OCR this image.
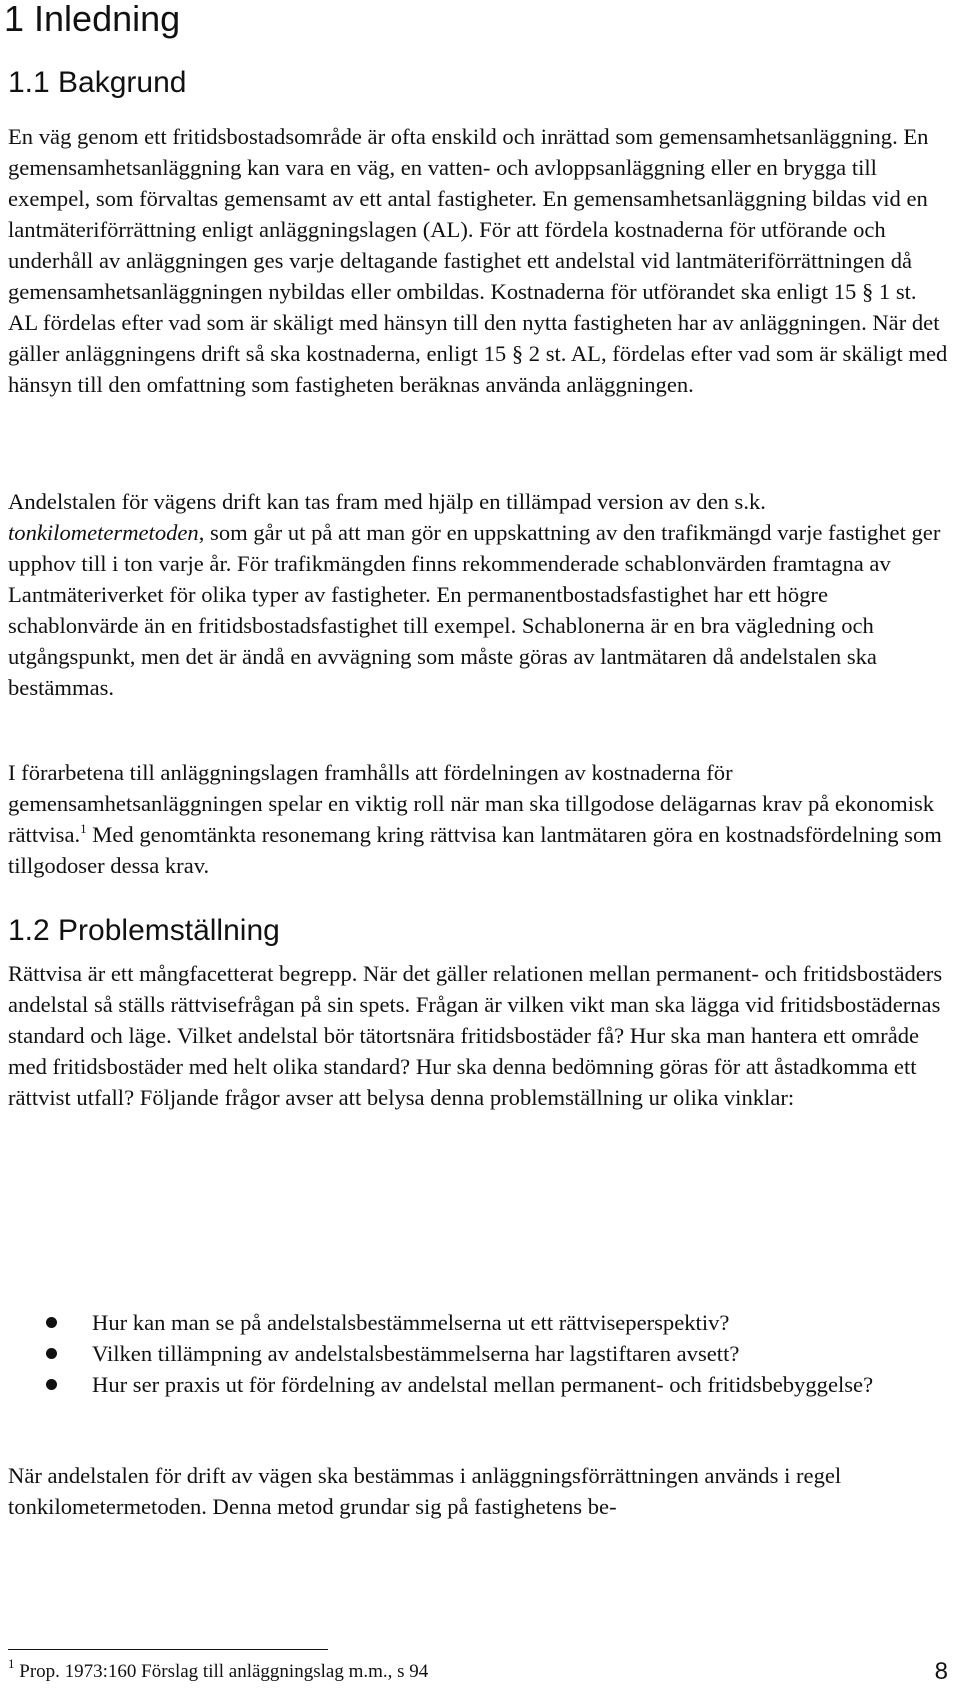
1 Inledning
1.1 Bakgrund

En väg genom ett fritidsbostadsområde är ofta enskild och inrättad som gemensamhetsanläggning. En gemensamhetsanläggning kan vara en väg, en vatten- och avloppsanläggning eller en brygga till exempel, som förvaltas gemensamt av ett antal fastigheter. En gemensamhetsanläggning bildas vid en lantmäteriförrättning enligt anläggningslagen (AL). För att fördela kostnaderna för utförande och underhåll av anläggningen ges varje deltagande fastighet ett andelstal vid lantmäteriförrättningen då gemensamhetsanläggningen nybildas eller ombildas. Kostnaderna för utförandet ska enligt 15 § 1 st. AL fördelas efter vad som är skäligt med hänsyn till den nytta fastigheten har av anläggningen. När det gäller anläggningens drift så ska kostnaderna, enligt 15 § 2 st. AL, fördelas efter vad som är skäligt med hänsyn till den omfattning som fastigheten beräknas använda anläggningen.

Andelstalen för vägens drift kan tas fram med hjälp en tillämpad version av den s.k. tonkilometermetoden, som går ut på att man gör en uppskattning av den trafikmängd varje fastighet ger upphov till i ton varje år. För trafikmängden finns rekommenderade schablonvärden framtagna av Lantmäteriverket för olika typer av fastigheter. En permanentbostadsfastighet har ett högre schablonvärde än en fritidsbostadsfastighet till exempel. Schablonerna är en bra vägledning och utgångspunkt, men det är ändå en avvägning som måste göras av lantmätaren då andelstalen ska bestämmas.

I förarbetena till anläggningslagen framhålls att fördelningen av kostnaderna för gemensamhetsanläggningen spelar en viktig roll när man ska tillgodose delägarnas krav på ekonomisk rättvisa.$^1$ Med genomtänkta resonemang kring rättvisa kan lantmätaren göra en kostnadsfördelning som tillgodoser dessa krav.

1.2 Problemställning

Rättvisa är ett mångfacetterat begrepp. När det gäller relationen mellan permanent- och fritidsbostäders andelstal så ställs rättvisefrågan på sin spets. Frågan är vilken vikt man ska lägga vid fritidsbostädernas standard och läge. Vilket andelstal bör tätortsnära fritidsbostäder få? Hur ska man hantera ett område med fritidsbostäder med helt olika standard? Hur ska denna bedömning göras för att åstadkomma ett rättvist utfall? Följande frågor avser att belysa denna problemställning ur olika vinklar:

Hur kan man se på andelstalsbestämmelserna ut ett rättviseperspektiv?
Vilken tillämpning av andelstalsbestämmelserna har lagstiftaren avsett?
Hur ser praxis ut för fördelning av andelstal mellan permanent- och fritidsbebyggelse?

När andelstalen för drift av vägen ska bestämmas i anläggningsförrättningen används i regel tonkilometermetoden. Denna metod grundar sig på fastighetens be-

$^1$ Prop. 1973:160 Förslag till anläggningslag m.m., s 94	8
